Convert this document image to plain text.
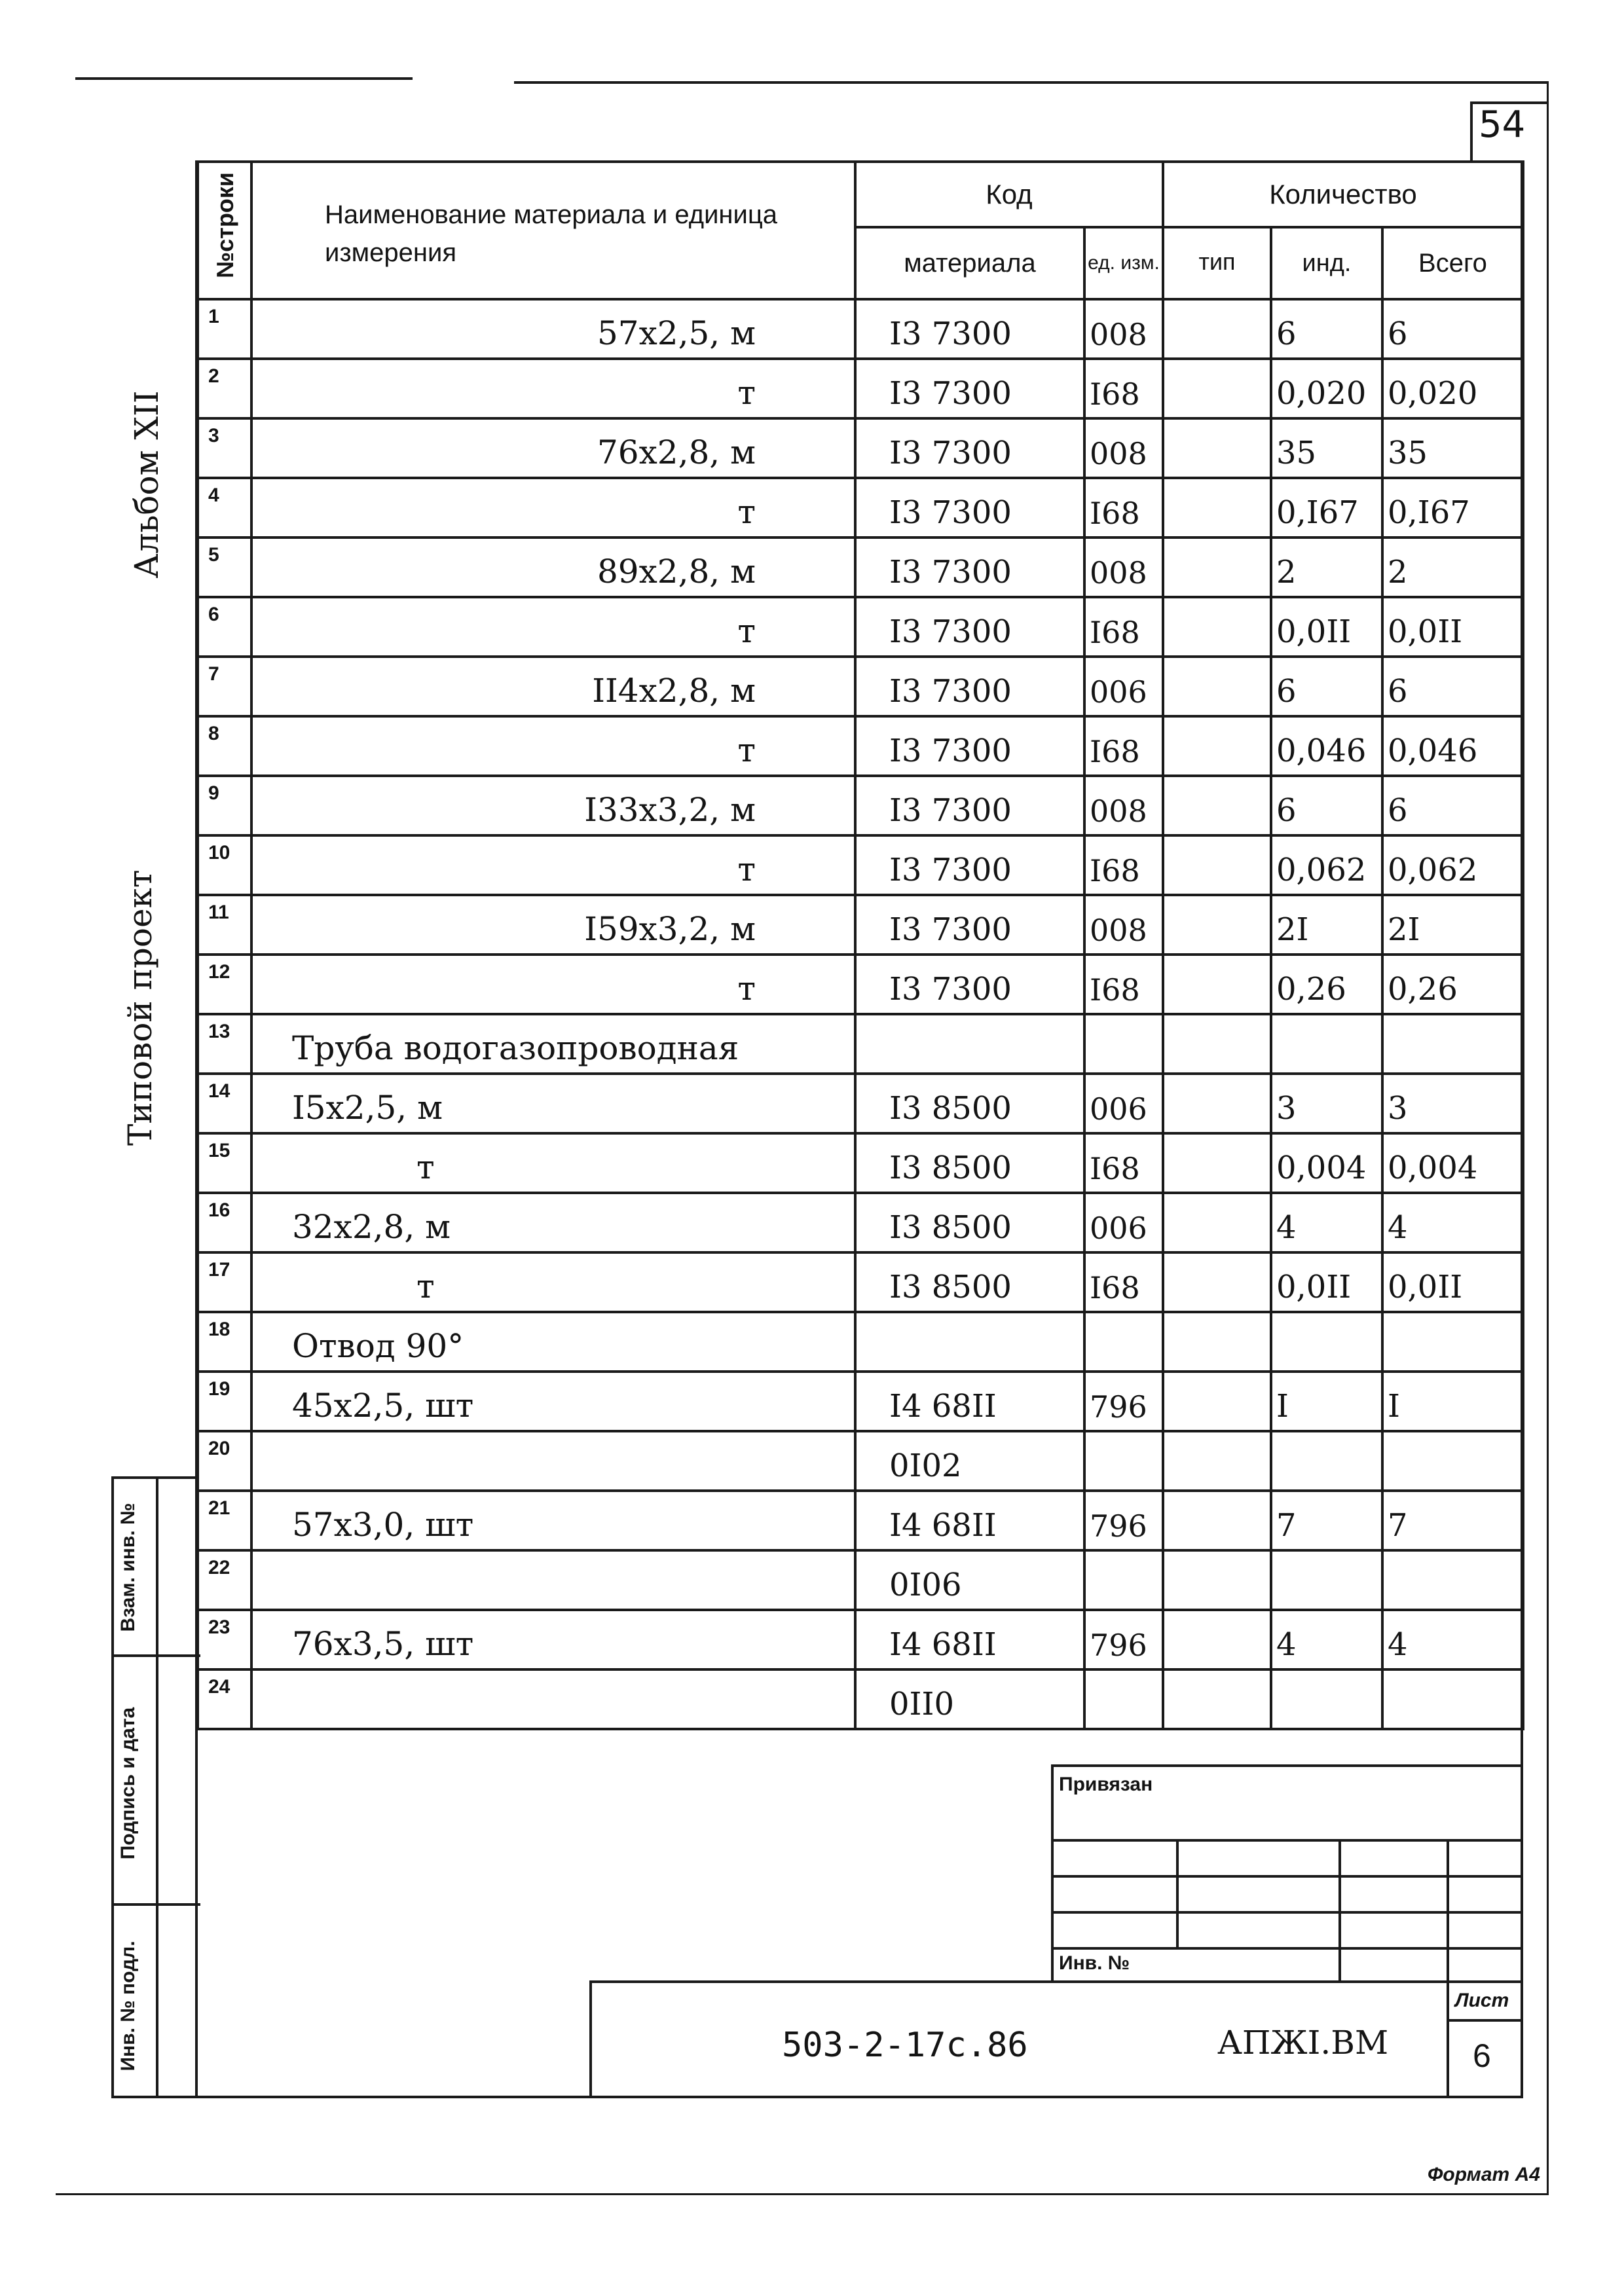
54
Альбом XII
Типовой проект
Взам. инв. №
Подпись и дата
Инв. № подл.
№строки	Наименование материала и единица измерения	Код		Количество		
		материала	ед. изм.	тип	инд.	Всего
1	57х2,5, м	I3 7300	008		6	6
2	т	I3 7300	I68		0,020	0,020
3	76х2,8, м	I3 7300	008		35	35
4	т	I3 7300	I68		0,I67	0,I67
5	89х2,8, м	I3 7300	008		2	2
6	т	I3 7300	I68		0,0II	0,0II
7	II4х2,8, м	I3 7300	006		6	6
8	т	I3 7300	I68		0,046	0,046
9	I33х3,2, м	I3 7300	008		6	6
10	т	I3 7300	I68		0,062	0,062
11	I59х3,2, м	I3 7300	008		2I	2I
12	т	I3 7300	I68		0,26	0,26
13	Труба водогазопроводная					
14	I5х2,5, м	I3 8500	006		3	3
15	т	I3 8500	I68		0,004	0,004
16	32х2,8, м	I3 8500	006		4	4
17	т	I3 8500	I68		0,0II	0,0II
18	Отвод 90°					
19	45х2,5, шт	I4 68II	796		I	I
20		0I02				
21	57х3,0, шт	I4 68II	796		7	7
22		0I06				
23	76х3,5, шт	I4 68II	796		4	4
24		0II0				
Привязан
Инв. №
503-2-17с.86	АПЖI.ВМ
Лист
6
Формат А4
